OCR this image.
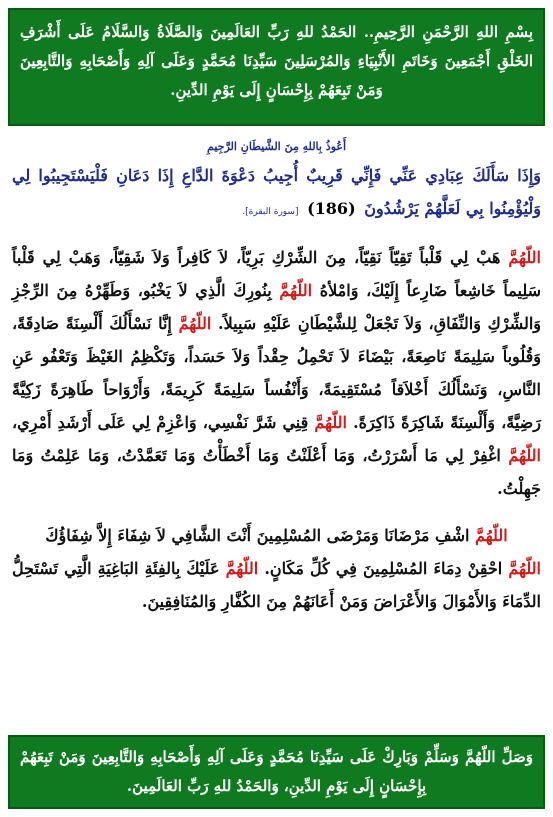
بِسْمِ اللهِ الرَّحْمَنِ الرَّحِيمِ.. الحَمْدُ للهِ رَبِّ العَالَمِينَ وَالصَّلَاةُ وَالسَّلَامُ عَلَى أَشْرَفِ الخَلْقِ أَجْمَعِينَ وَخَاتَمِ الأَنْبِيَاءِ وَالمُرْسَلِينَ سَيِّدِنَا مُحَمَّدٍ وَعَلَى آلِهِ وَأَصْحَابِهِ وَالتَّابِعِينَ وَمَنْ تَبِعَهُمْ بِإِحْسَانٍ إِلَى يَوْمِ الدِّينِ.
أَعُوذُ بِاللهِ مِنَ الشَّيطَانِ الرَّجِيمِ
وَإِذَا سَأَلَكَ عِبَادِي عَنِّي فَإِنِّي قَرِيبٌ أُجِيبُ دَعْوَةَ الدَّاعِ إِذَا دَعَانِ فَلْيَسْتَجِيبُوا لِي وَلْيُؤْمِنُوا بِي لَعَلَّهُمْ يَرْشُدُونَ (186) [سورة البقرة].
اللّهُمَّ هَبْ لِي قَلْباً تَقِيّاً نَقِيّاً، مِنَ الشِّرْكِ بَرِيّاً، لاَ كَافِراً وَلاَ شَقِيّاً، وَهَبْ لِي قَلْباً سَلِيماً خَاشِعاً ضَارِعاً إِلَيْكَ، وَامْلأهُ اللّهُمَّ بِنُورِكَ الَّذِي لاَ يَخْبُو، وَطَهِّرْهُ مِنَ الرِّجْزِ وَالشِّرْكِ وَالنِّفَاقِ، وَلاَ تَجْعَلْ لِلشَّيْطَانِ عَلَيْهِ سَبِيلاً. اللّهُمَّ إِنَّا نَسْأَلُكَ أَلْسِنَةً صَادِقَةً، وَقُلُوباً سَلِيمَةً نَاصِعَةً، بَيْضَاءَ لاَ تَحْمِلُ حِقْداً وَلاَ حَسَداً، وَتَكْظِمُ الغَيْظَ وَتَعْفُو عَنِ النَّاسِ، وَنَسْأَلُكَ أَخْلاَقاً مُسْتَقِيمَةً، وَأَنْفُساً سَلِيمَةً كَرِيمَةً، وَأَرْوَاحاً طَاهِرَةً زَكِيَّةً رَضِيَّةً، وَأَلْسِنَةً شَاكِرَةً ذَاكِرَةً. اللّهُمَّ قِنِي شَرَّ نَفْسِي، وَاعْزِمْ لِي عَلَى أَرْشَدِ أَمْرِي، اللّهُمَّ اغْفِرْ لِي مَا أَسْرَرْتُ، وَمَا أَعْلَنْتُ وَمَا أَخْطَأْتُ وَمَا تَعَمَّدْتُ، وَمَا عَلِمْتُ وَمَا جَهِلْتُ.
اللّهُمَّ اشْفِ مَرْضَانَا وَمَرْضَى المُسْلِمِينَ أَنْتَ الشَّافِي لاَ شِفَاءَ إِلاَّ شِفَاؤُكَ
اللّهُمَّ احْقِنْ دِمَاءَ المُسْلِمِينَ فِي كُلِّ مَكَانٍ. اللّهُمَّ عَلَيْكَ بِالفِئَةِ البَاغِيَةِ الَّتِي تَسْتَحِلُّ الدِّمَاءَ وَالأَمْوَالَ وَالأَعْرَاضَ وَمَنْ أَعَانَهُمْ مِنَ الكُفَّارِ وَالمُنَافِقِينَ.
وَصَلِّ اللّهُمَّ وَسَلِّمْ وَبَارِكْ عَلَى سَيِّدِنَا مُحَمَّدٍ وَعَلَى آلِهِ وَأَصْحَابِهِ وَالتَّابِعِينَ وَمَنْ تَبِعَهُمْ بِإِحْسَانٍ إِلَى يَوْمِ الدِّينِ، وَالحَمْدُ للهِ رَبِّ العَالَمِينَ.
